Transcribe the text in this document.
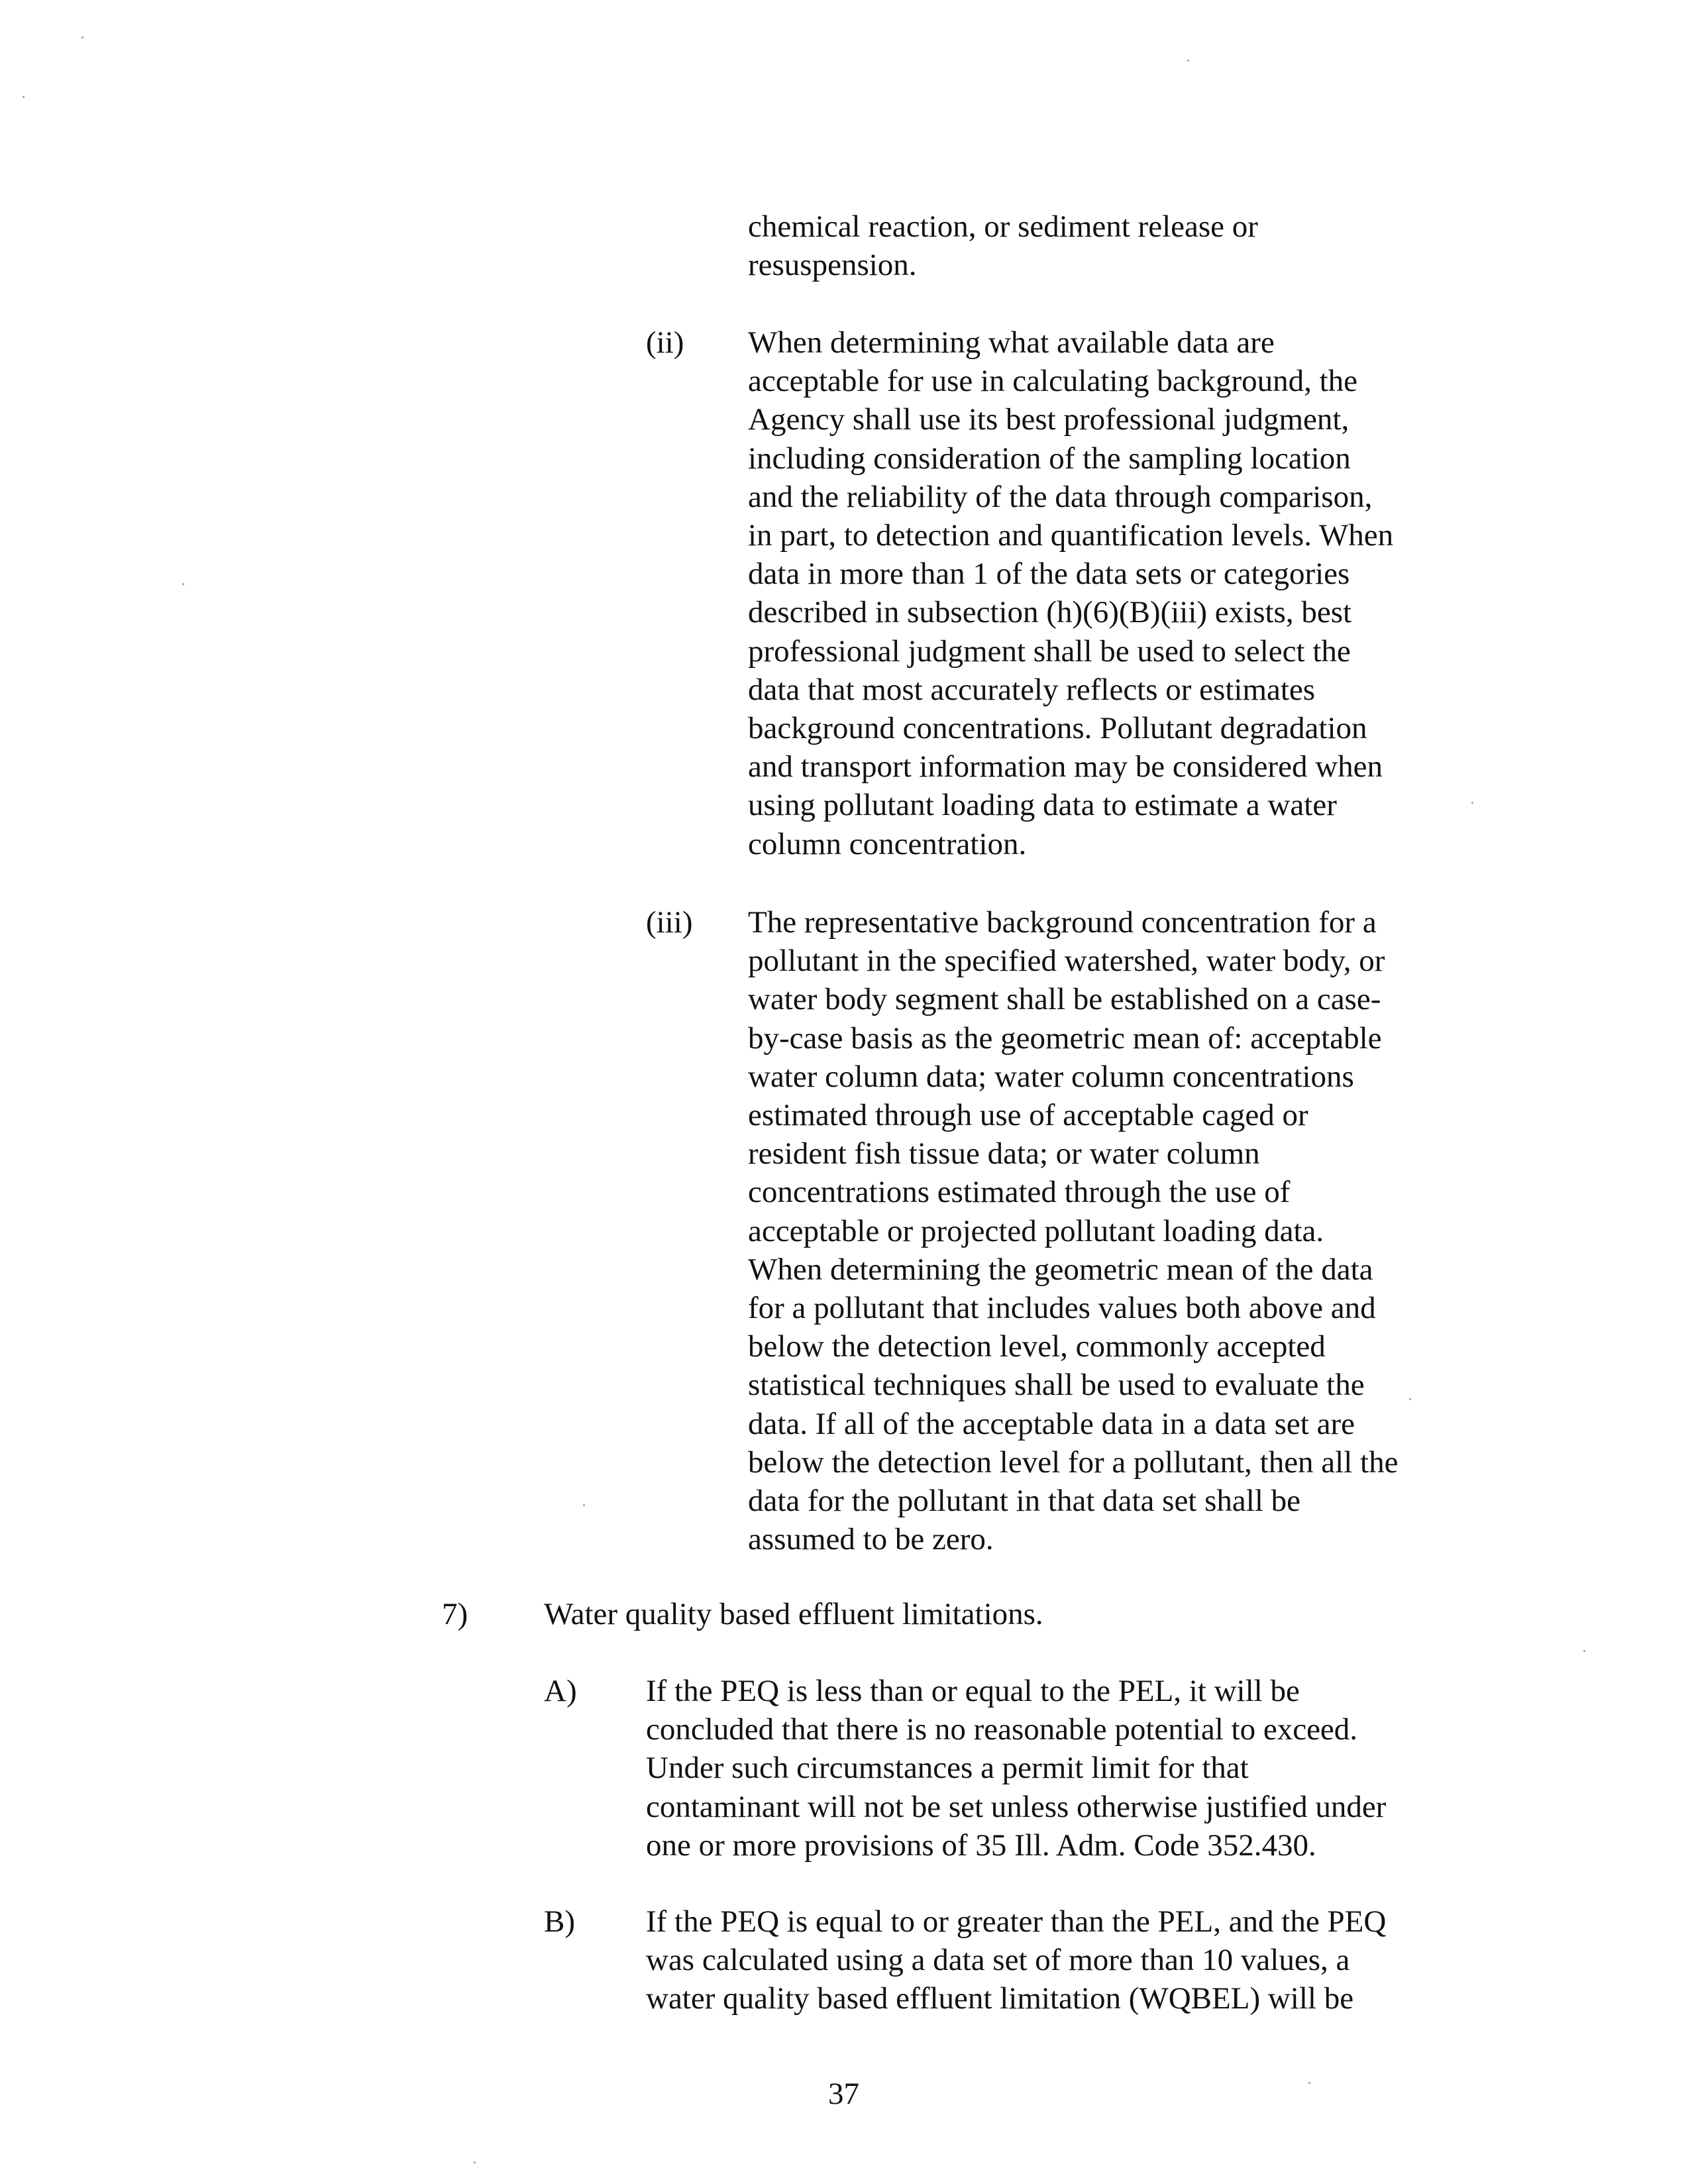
chemical reaction, or sediment release or
resuspension.
(ii) When determining what available data are
acceptable for use in calculating background, the
Agency shall use its best professional judgment,
including consideration of the sampling location
and the reliability of the data through comparison,
in part, to detection and quantification levels. When
data in more than 1 of the data sets or categories
described in subsection (h)(6)(B)(iii) exists, best
professional judgment shall be used to select the
data that most accurately reflects or estimates
background concentrations. Pollutant degradation
and transport information may be considered when
using pollutant loading data to estimate a water
column concentration.
(iii) The representative background concentration for a
pollutant in the specified watershed, water body, or
water body segment shall be established on a case-
by-case basis as the geometric mean of: acceptable
water column data; water column concentrations
estimated through use of acceptable caged or
resident fish tissue data; or water column
concentrations estimated through the use of
acceptable or projected pollutant loading data.
When determining the geometric mean of the data
for a pollutant that includes values both above and
below the detection level, commonly accepted
statistical techniques shall be used to evaluate the
data. If all of the acceptable data in a data set are
below the detection level for a pollutant, then all the
data for the pollutant in that data set shall be
assumed to be zero.
7) Water quality based effluent limitations.
A) If the PEQ is less than or equal to the PEL, it will be
concluded that there is no reasonable potential to exceed.
Under such circumstances a permit limit for that
contaminant will not be set unless otherwise justified under
one or more provisions of 35 Ill. Adm. Code 352.430.
B) If the PEQ is equal to or greater than the PEL, and the PEQ
was calculated using a data set of more than 10 values, a
water quality based effluent limitation (WQBEL) will be
37
